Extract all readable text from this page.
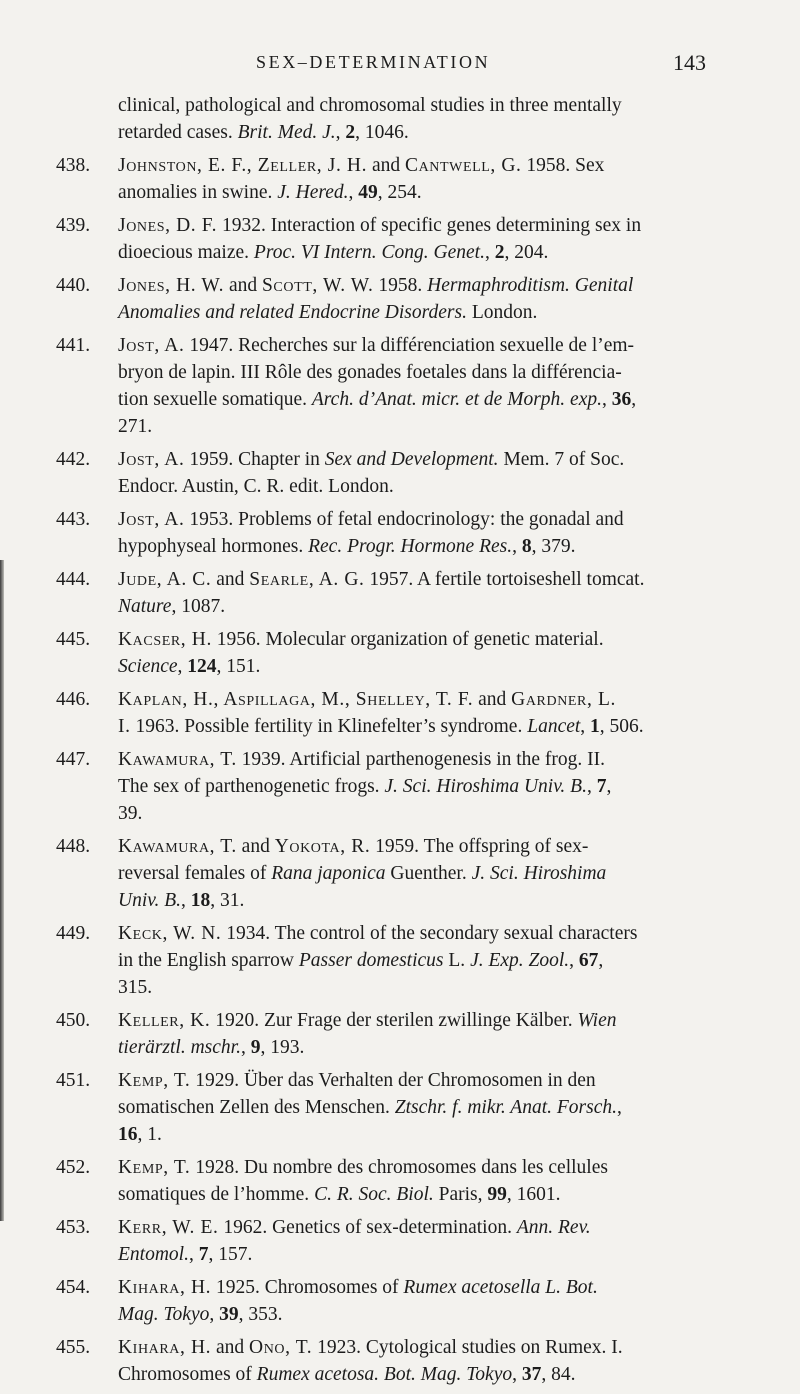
SEX–DETERMINATION	143
clinical, pathological and chromosomal studies in three mentally
retarded cases. Brit. Med. J., 2, 1046.
438. Johnston, E. F., Zeller, J. H. and Cantwell, G. 1958. Sex
anomalies in swine. J. Hered., 49, 254.
439. Jones, D. F. 1932. Interaction of specific genes determining sex in
dioecious maize. Proc. VI Intern. Cong. Genet., 2, 204.
440. Jones, H. W. and Scott, W. W. 1958. Hermaphroditism. Genital
Anomalies and related Endocrine Disorders. London.
441. Jost, A. 1947. Recherches sur la différenciation sexuelle de l’em-
bryon de lapin. III Rôle des gonades foetales dans la différencia-
tion sexuelle somatique. Arch. d’Anat. micr. et de Morph. exp., 36,
271.
442. Jost, A. 1959. Chapter in Sex and Development. Mem. 7 of Soc.
Endocr. Austin, C. R. edit. London.
443. Jost, A. 1953. Problems of fetal endocrinology: the gonadal and
hypophyseal hormones. Rec. Progr. Hormone Res., 8, 379.
444. Jude, A. C. and Searle, A. G. 1957. A fertile tortoiseshell tomcat.
Nature, 1087.
445. Kacser, H. 1956. Molecular organization of genetic material.
Science, 124, 151.
446. Kaplan, H., Aspillaga, M., Shelley, T. F. and Gardner, L.
I. 1963. Possible fertility in Klinefelter’s syndrome. Lancet, 1, 506.
447. Kawamura, T. 1939. Artificial parthenogenesis in the frog. II.
The sex of parthenogenetic frogs. J. Sci. Hiroshima Univ. B., 7,
39.
448. Kawamura, T. and Yokota, R. 1959. The offspring of sex-
reversal females of Rana japonica Guenther. J. Sci. Hiroshima
Univ. B., 18, 31.
449. Keck, W. N. 1934. The control of the secondary sexual characters
in the English sparrow Passer domesticus L. J. Exp. Zool., 67,
315.
450. Keller, K. 1920. Zur Frage der sterilen zwillinge Kälber. Wien
tierärztl. mschr., 9, 193.
451. Kemp, T. 1929. Über das Verhalten der Chromosomen in den
somatischen Zellen des Menschen. Ztschr. f. mikr. Anat. Forsch.,
16, 1.
452. Kemp, T. 1928. Du nombre des chromosomes dans les cellules
somatiques de l’homme. C. R. Soc. Biol. Paris, 99, 1601.
453. Kerr, W. E. 1962. Genetics of sex-determination. Ann. Rev.
Entomol., 7, 157.
454. Kihara, H. 1925. Chromosomes of Rumex acetosella L. Bot.
Mag. Tokyo, 39, 353.
455. Kihara, H. and Ono, T. 1923. Cytological studies on Rumex. I.
Chromosomes of Rumex acetosa. Bot. Mag. Tokyo, 37, 84.
